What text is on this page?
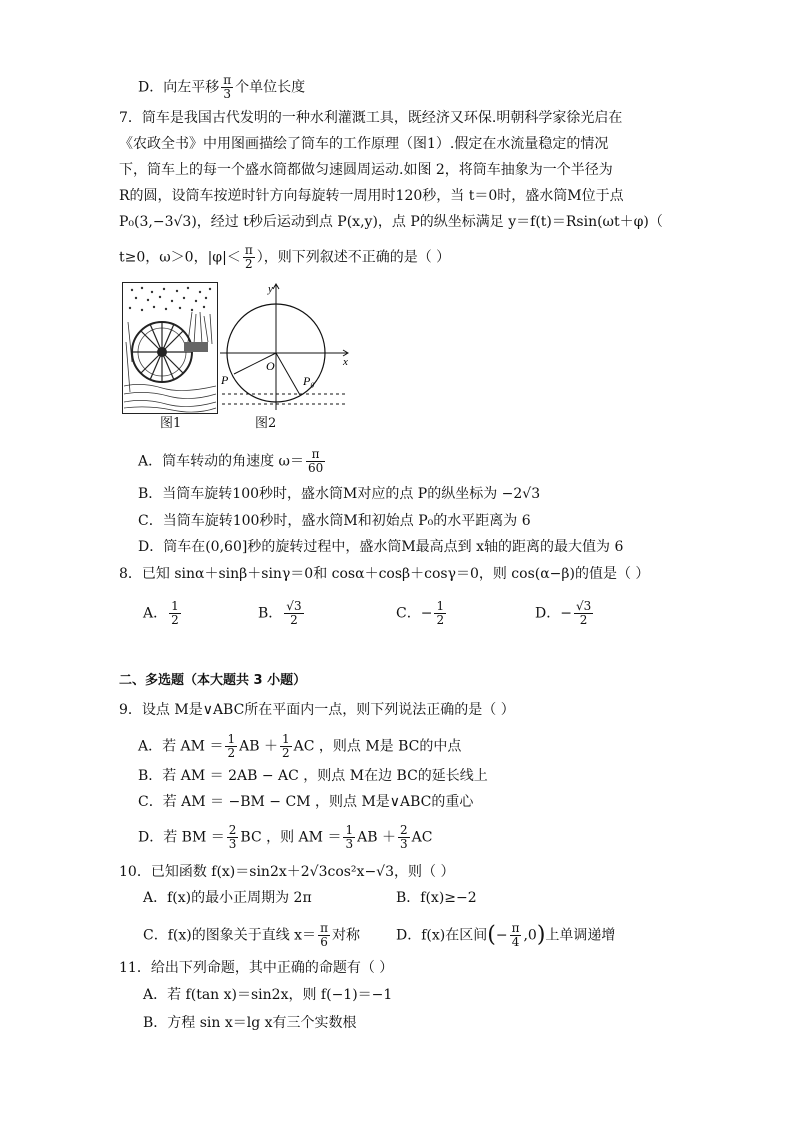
D．向左平移 $\frac{\pi}{3}$ 个单位长度
7．筒车是我国古代发明的一种水利灌溉工具，既经济又环保.明朝科学家徐光启在
《农政全书》中用图画描绘了筒车的工作原理（图1）.假定在水流量稳定的情况
下，筒车上的每一个盛水筒都做匀速圆周运动.如图 2，将筒车抽象为一个半径为
R的圆，设筒车按逆时针方向每旋转一周用时120秒，当 t＝0时，盛水筒M位于点
P₀(3,−3√3)，经过 t秒后运动到点 P(x,y)，点 P的纵坐标满足 y＝f(t)＝Rsin(ωt＋φ)（
t≥0，ω＞0，$|\varphi|< \frac{\pi}{2}$ ），则下列叙述不正确的是（ ）
y
x
O
P	P₀
图1	图2
A．筒车转动的角速度 $\omega= \frac{\pi}{60}$
B．当筒车旋转100秒时，盛水筒M对应的点 P的纵坐标为 −2√3
C．当筒车旋转100秒时，盛水筒M和初始点 P₀的水平距离为 6
D．筒车在(0,60]秒的旋转过程中，盛水筒M最高点到 x轴的距离的最大值为 6
8．已知 sinα＋sinβ＋sinγ＝0和 cosα＋cosβ＋cosγ＝0，则 cos(α−β)的值是（ ）
A． $\frac{1}{2}$	B． $\frac{√3}{2}$	C．− $\frac{1}{2}$	D．− $\frac{√3}{2}$
二、多选题（本大题共 3 小题）
9．设点 M是∨ABC所在平面内一点，则下列说法正确的是（ ）
A．若 AM ＝ $\frac{1}{2}$ AB ＋ $\frac{1}{2}$ AC ，则点 M是 BC的中点
B．若 AM ＝ 2AB − AC ，则点 M在边 BC的延长线上
C．若 AM ＝ −BM − CM ，则点 M是∨ABC的重心
D．若 BM ＝ $\frac{2}{3}$ BC ，则 AM ＝ $\frac{1}{3}$ AB ＋ $\frac{2}{3}$ AC
10．已知函数 f(x)＝sin2x＋2√3cos²x−√3，则（ ）
A．f(x)的最小正周期为 2π	B．f(x)≥−2
C．f(x)的图象关于直线 $x= \frac{\pi}{6}$ 对称	D．f(x)在区间(− $\frac{\pi}{4} ,0$)上单调递增
11．给出下列命题，其中正确的命题有（ ）
A．若 f(tan x)＝sin2x，则 f(−1)＝−1
B．方程 sin x＝lg x有三个实数根
